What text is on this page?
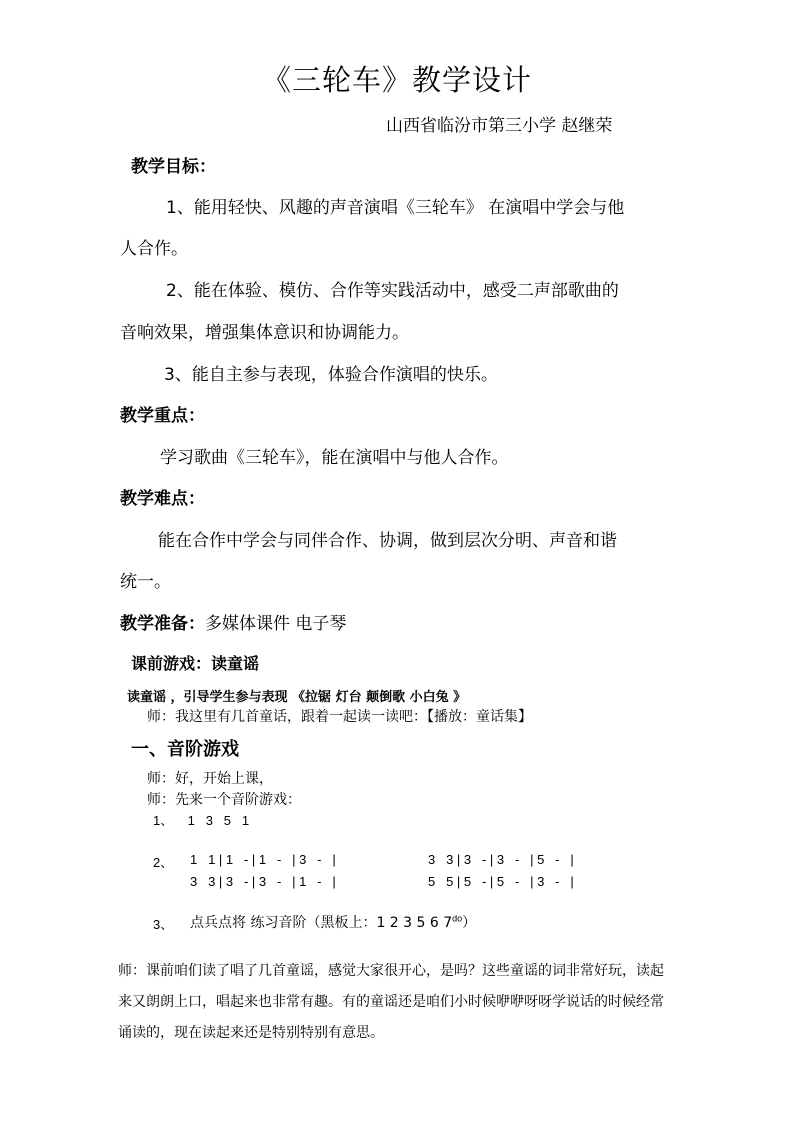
《三轮车》教学设计
山西省临汾市第三小学 赵继荣
教学目标：
1、能用轻快、风趣的声音演唱《三轮车》 在演唱中学会与他
人合作。
2、能在体验、模仿、合作等实践活动中，感受二声部歌曲的
音响效果，增强集体意识和协调能力。
3、能自主参与表现，体验合作演唱的快乐。
教学重点：
学习歌曲《三轮车》，能在演唱中与他人合作。
教学难点：
能在合作中学会与同伴合作、协调，做到层次分明、声音和谐
统一。
教学准备：多媒体课件 电子琴
课前游戏：读童谣
读童谣 ，引导学生参与表现 《拉锯 灯台 颠倒歌 小白兔 》
师：我这里有几首童话，跟着一起读一读吧：【播放：童话集】
一、音阶游戏
师：好，开始上课，
师：先来一个音阶游戏：
1、    1   3   5   1
2、 1   1 | 1   - | 1   -   | 3   -   |
3   3 | 3   - | 3   -   | 1   -   |
3   3 | 3   - | 3   -   | 5   -   |
5   5 | 5   - | 5   -   | 3   -   |
3、 点兵点将 练习音阶（黑板上：1 2 3 5 6 $7^{do}$）
师：课前咱们读了唱了几首童谣，感觉大家很开心，是吗？这些童谣的词非常好玩，读起
来又朗朗上口，唱起来也非常有趣。有的童谣还是咱们小时候咿咿呀呀学说话的时候经常
诵读的，现在读起来还是特别特别有意思。
